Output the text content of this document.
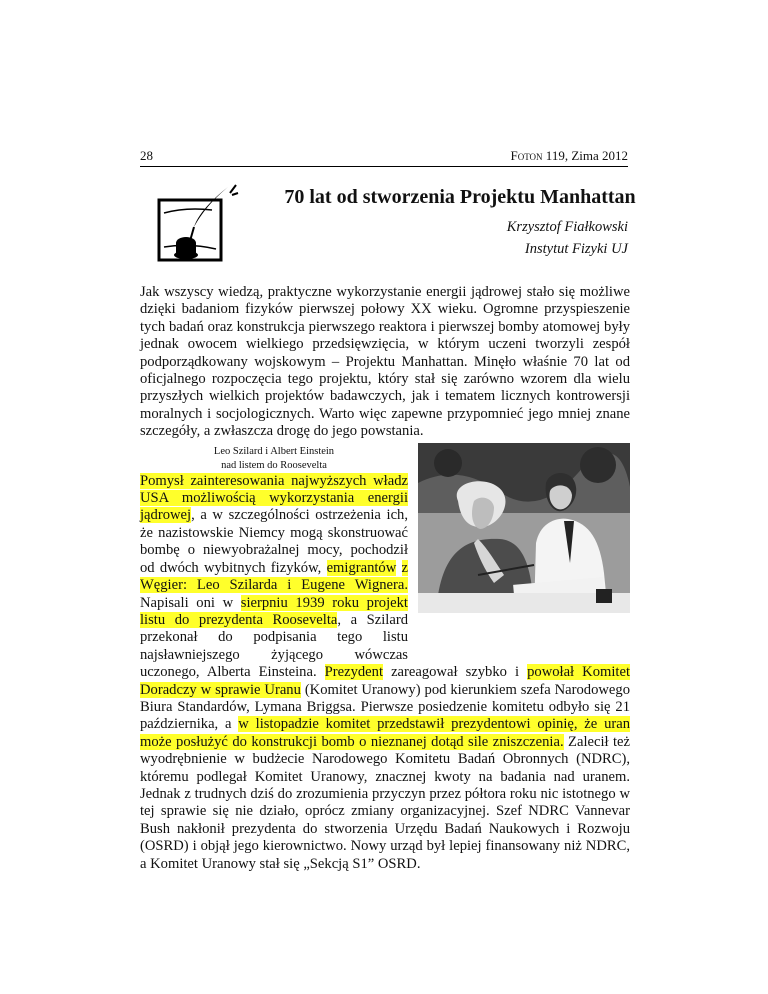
28	Foton 119, Zima 2012
70 lat od stworzenia Projektu Manhattan
Krzysztof Fiałkowski
Instytut Fizyki UJ

Jak wszyscy wiedzą, praktyczne wykorzystanie energii jądrowej stało się możliwe dzięki badaniom fizyków pierwszej połowy XX wieku. Ogromne przyspieszenie tych badań oraz konstrukcja pierwszego reaktora i pierwszej bomby atomowej były jednak owocem wielkiego przedsięwzięcia, w którym uczeni tworzyli zespół podporządkowany wojskowym – Projektu Manhattan. Minęło właśnie 70 lat od oficjalnego rozpoczęcia tego projektu, który stał się zarówno wzorem dla wielu przyszłych wielkich projektów badawczych, jak i tematem licznych kontrowersji moralnych i socjologicznych. Warto więc zapewne przypomnieć jego mniej znane szczegóły, a zwłaszcza drogę do jego powstania.

Leo Szilard i Albert Einstein
nad listem do Roosevelta
Pomysł zainteresowania najwyższych władz USA możliwością wykorzystania energii jądrowej, a w szczególności ostrzeżenia ich, że nazistowskie Niemcy mogą skonstruować bombę o niewyobrażalnej mocy, pochodził od dwóch wybitnych fizyków, emigrantów z Węgier: Leo Szilarda i Eugene Wignera. Napisali oni w sierpniu 1939 roku projekt listu do prezydenta Roosevelta, a Szilard przekonał do podpisania tego listu najsławniejszego żyjącego wówczas uczonego, Alberta Einsteina. Prezydent zareagował szybko i powołał Komitet Doradczy w sprawie Uranu (Komitet Uranowy) pod kierunkiem szefa Narodowego Biura Standardów, Lymana Briggsa. Pierwsze posiedzenie komitetu odbyło się 21 października, a w listopadzie komitet przedstawił prezydentowi opinię, że uran może posłużyć do konstrukcji bomb o nieznanej dotąd sile zniszczenia. Zalecił też wyodrębnienie w budżecie Narodowego Komitetu Badań Obronnych (NDRC), któremu podlegał Komitet Uranowy, znacznej kwoty na badania nad uranem. Jednak z trudnych dziś do zrozumienia przyczyn przez półtora roku nic istotnego w tej sprawie się nie działo, oprócz zmiany organizacyjnej. Szef NDRC Vannevar Bush nakłonił prezydenta do stworzenia Urzędu Badań Naukowych i Rozwoju (OSRD) i objął jego kierownictwo. Nowy urząd był lepiej finansowany niż NDRC, a Komitet Uranowy stał się „Sekcją S1” OSRD.
